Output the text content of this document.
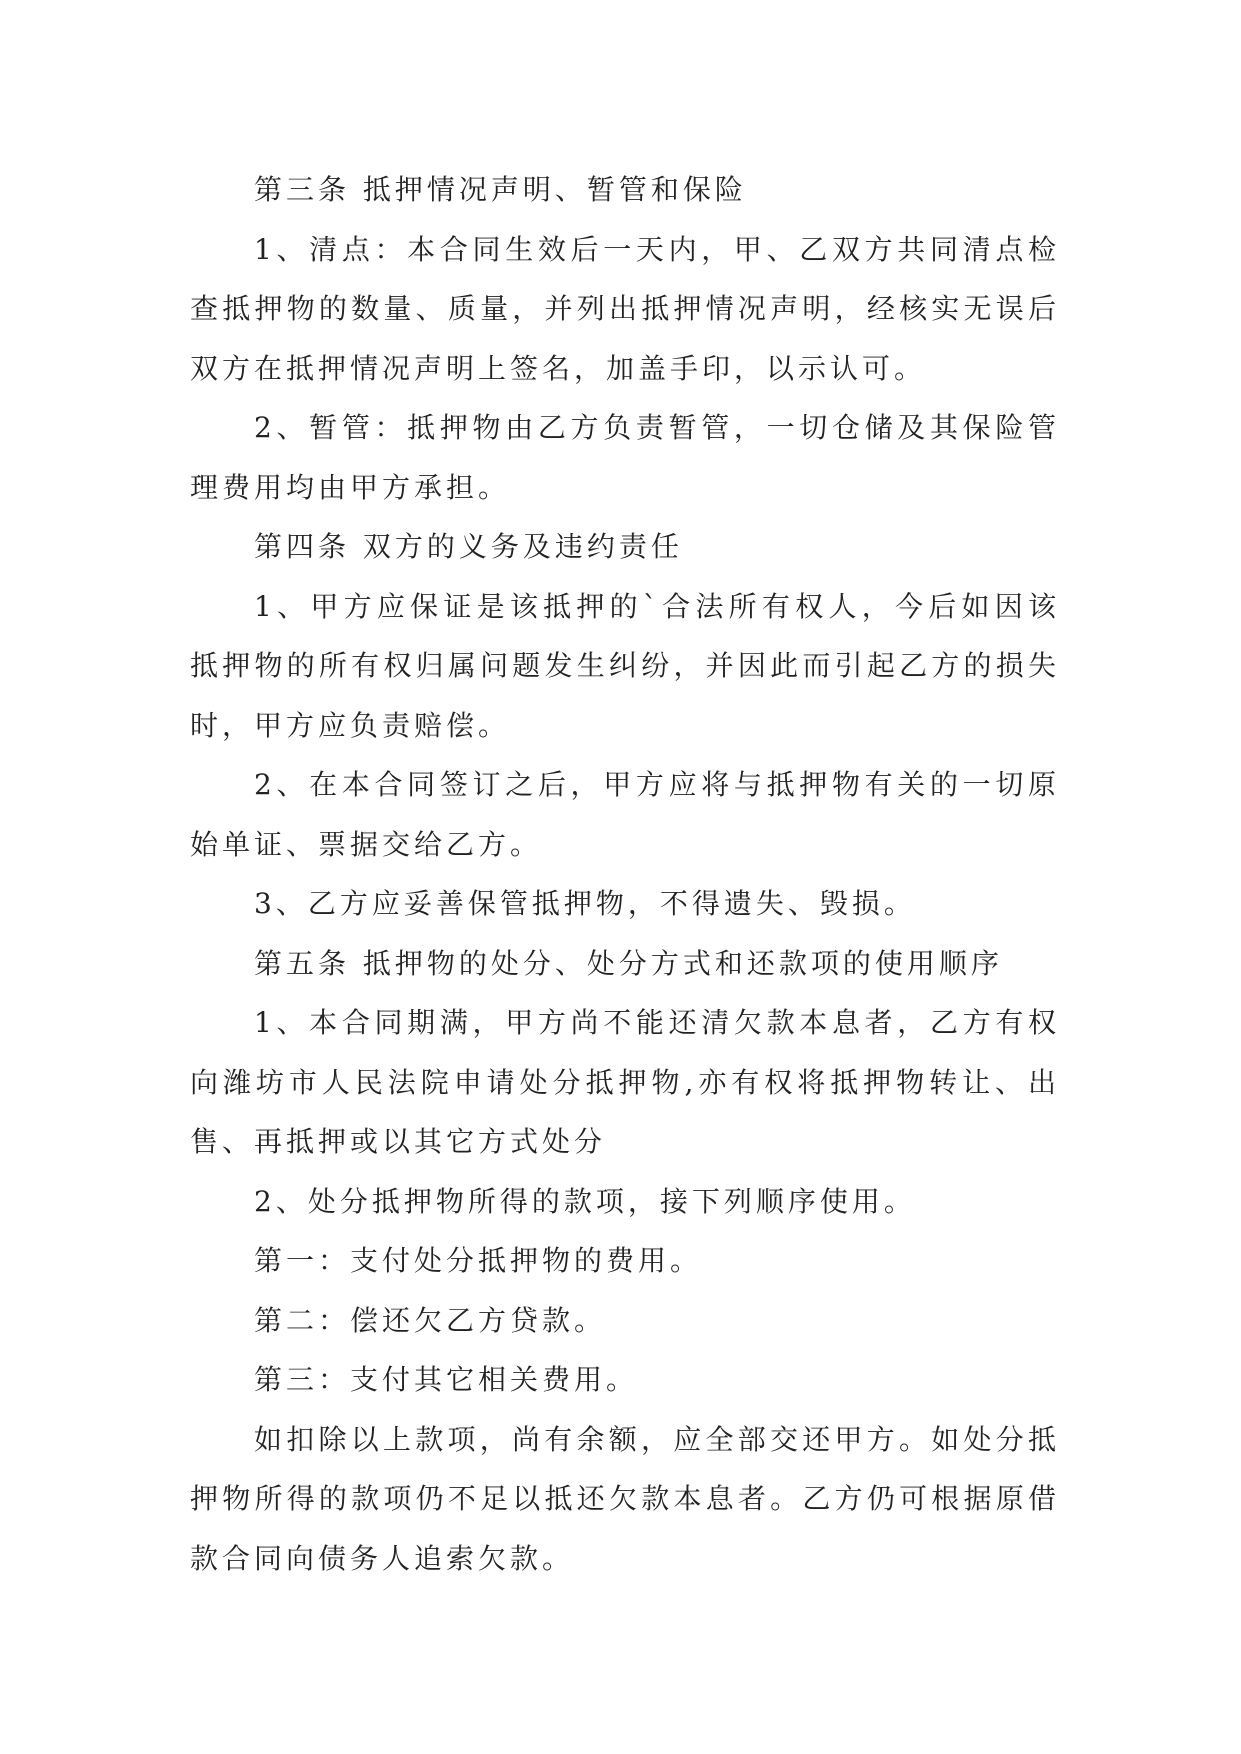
第三条 抵押情况声明、暂管和保险

1、清点：本合同生效后一天内，甲、乙双方共同清点检查抵押物的数量、质量，并列出抵押情况声明，经核实无误后双方在抵押情况声明上签名，加盖手印，以示认可。

2、暂管：抵押物由乙方负责暂管，一切仓储及其保险管理费用均由甲方承担。

第四条 双方的义务及违约责任

1、甲方应保证是该抵押的`合法所有权人，今后如因该抵押物的所有权归属问题发生纠纷，并因此而引起乙方的损失时，甲方应负责赔偿。

2、在本合同签订之后，甲方应将与抵押物有关的一切原始单证、票据交给乙方。

3、乙方应妥善保管抵押物，不得遗失、毁损。

第五条 抵押物的处分、处分方式和还款项的使用顺序

1、本合同期满，甲方尚不能还清欠款本息者，乙方有权向潍坊市人民法院申请处分抵押物,亦有权将抵押物转让、出售、再抵押或以其它方式处分

2、处分抵押物所得的款项，接下列顺序使用。

第一：支付处分抵押物的费用。

第二：偿还欠乙方贷款。

第三：支付其它相关费用。

如扣除以上款项，尚有余额，应全部交还甲方。如处分抵押物所得的款项仍不足以抵还欠款本息者。乙方仍可根据原借款合同向债务人追索欠款。
